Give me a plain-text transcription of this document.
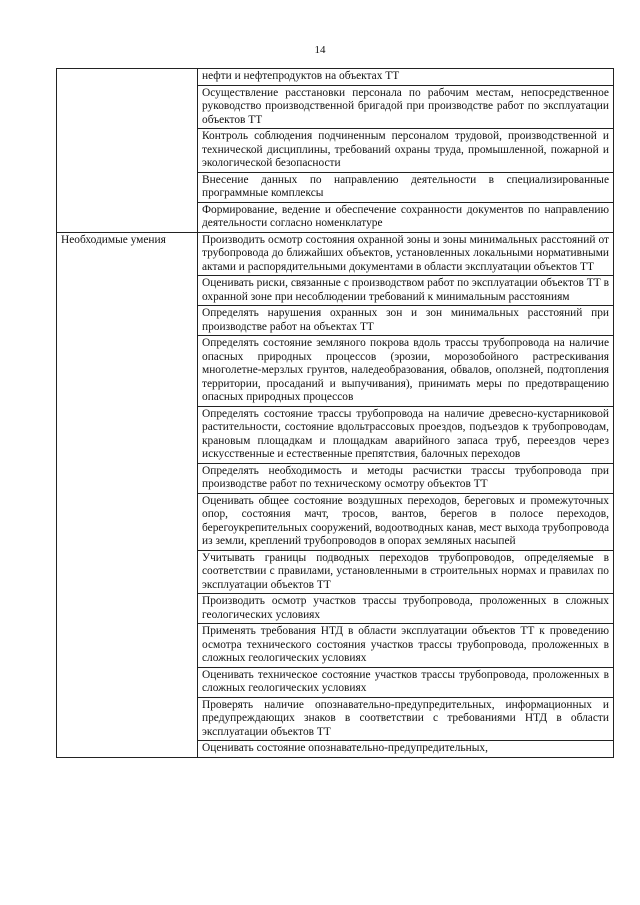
14
	нефти и нефтепродуктов на объектах ТТ
	Осуществление расстановки персонала по рабочим местам, непосредственное руководство производственной бригадой при производстве работ по эксплуатации объектов ТТ
	Контроль соблюдения подчиненным персоналом трудовой, производственной и технической дисциплины, требований охраны труда, промышленной, пожарной и экологической безопасности
	Внесение данных по направлению деятельности в специализированные программные комплексы
	Формирование, ведение и обеспечение сохранности документов по направлению деятельности согласно номенклатуре
Необходимые умения	Производить осмотр состояния охранной зоны и зоны минимальных расстояний от трубопровода до ближайших объектов, установленных локальными нормативными актами и распорядительными документами в области эксплуатации объектов ТТ
	Оценивать риски, связанные с производством работ по эксплуатации объектов ТТ в охранной зоне при несоблюдении требований к минимальным расстояниям
	Определять нарушения охранных зон и зон минимальных расстояний при производстве работ на объектах ТТ
	Определять состояние земляного покрова вдоль трассы трубопровода на наличие опасных природных процессов (эрозии, морозобойного растрескивания многолетне-мерзлых грунтов, наледеобразования, обвалов, оползней, подтопления территории, просаданий и выпучивания), принимать меры по предотвращению опасных природных процессов
	Определять состояние трассы трубопровода на наличие древесно-кустарниковой растительности, состояние вдольтрассовых проездов, подъездов к трубопроводам, крановым площадкам и площадкам аварийного запаса труб, переездов через искусственные и естественные препятствия, балочных переходов
	Определять необходимость и методы расчистки трассы трубопровода при производстве работ по техническому осмотру объектов ТТ
	Оценивать общее состояние воздушных переходов, береговых и промежуточных опор, состояния мачт, тросов, вантов, берегов в полосе переходов, берегоукрепительных сооружений, водоотводных канав, мест выхода трубопровода из земли, креплений трубопроводов в опорах земляных насыпей
	Учитывать границы подводных переходов трубопроводов, определяемые в соответствии с правилами, установленными в строительных нормах и правилах по эксплуатации объектов ТТ
	Производить осмотр участков трассы трубопровода, проложенных в сложных геологических условиях
	Применять требования НТД в области эксплуатации объектов ТТ к проведению осмотра технического состояния участков трассы трубопровода, проложенных в сложных геологических условиях
	Оценивать техническое состояние участков трассы трубопровода, проложенных в сложных геологических условиях
	Проверять наличие опознавательно-предупредительных, информационных и предупреждающих знаков в соответствии с требованиями НТД в области эксплуатации объектов ТТ
	Оценивать состояние опознавательно-предупредительных,
